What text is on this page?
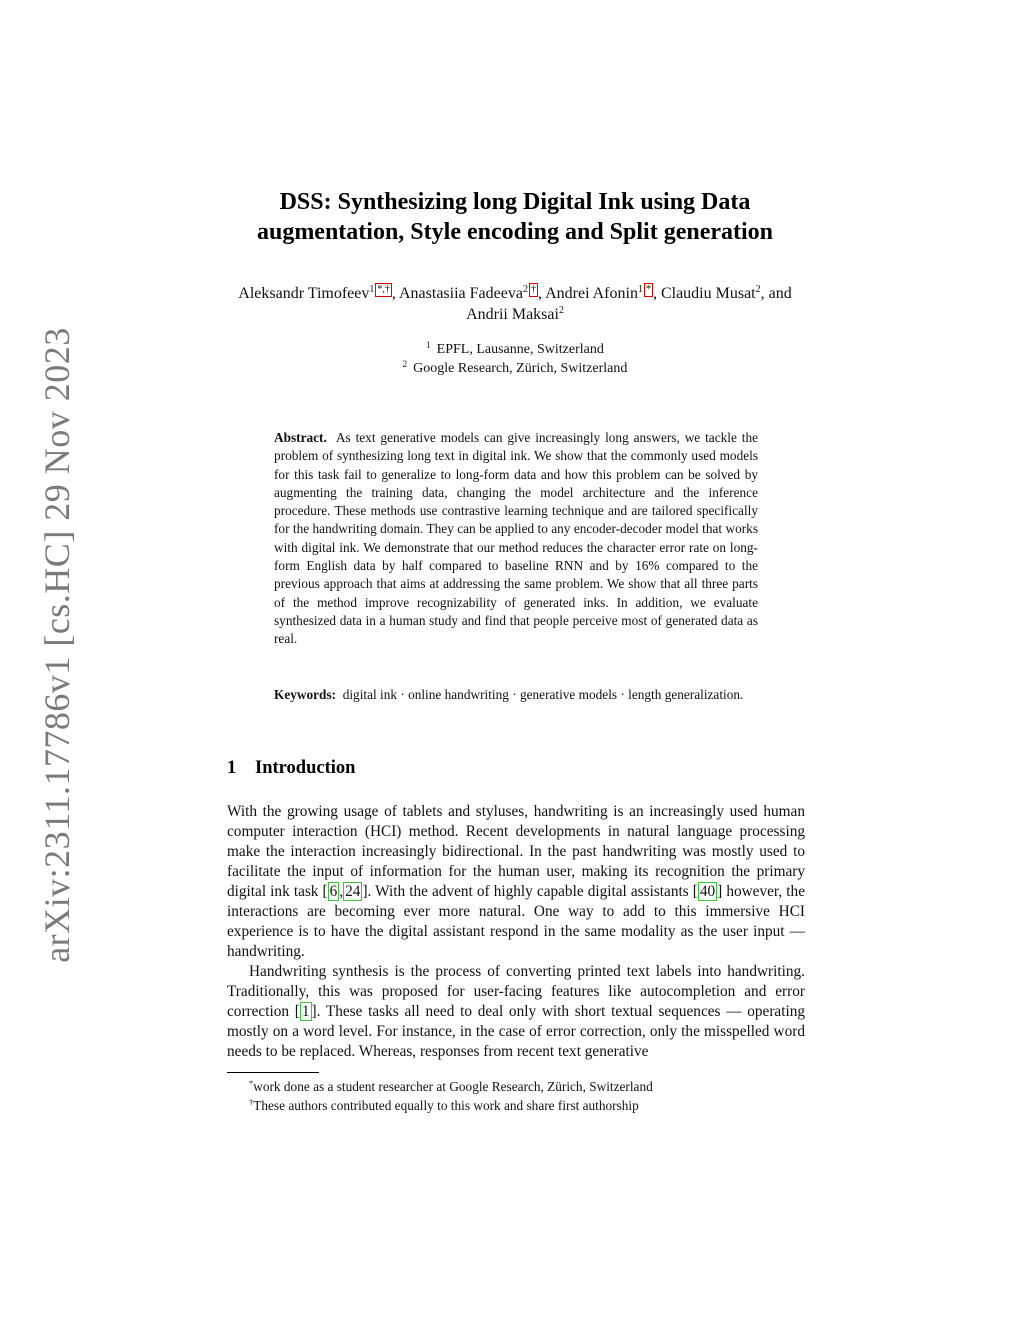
arXiv:2311.17786v1 [cs.HC] 29 Nov 2023
DSS: Synthesizing long Digital Ink using Data
augmentation, Style encoding and Split generation
Aleksandr Timofeev$^1$ *,† , Anastasiia Fadeeva$^2$ † , Andrei Afonin$^1$ * , Claudiu Musat$^2$, and
Andrii Maksai$^2$
$^1$ EPFL, Lausanne, Switzerland
$^2$ Google Research, Zürich, Switzerland
Abstract. As text generative models can give increasingly long answers, we tackle the problem of synthesizing long text in digital ink. We show that the commonly used models for this task fail to generalize to long-form data and how this problem can be solved by augmenting the training data, changing the model architecture and the inference procedure. These methods use contrastive learning technique and are tailored specifically for the handwriting domain. They can be applied to any encoder-decoder model that works with digital ink. We demonstrate that our method reduces the character error rate on long-form English data by half compared to baseline RNN and by 16% compared to the previous approach that aims at addressing the same problem. We show that all three parts of the method improve recognizability of generated inks. In addition, we evaluate synthesized data in a human study and find that people perceive most of generated data as real.
Keywords: digital ink · online handwriting · generative models · length generalization.
1 Introduction

With the growing usage of tablets and styluses, handwriting is an increasingly used human computer interaction (HCI) method. Recent developments in natural language processing make the interaction increasingly bidirectional. In the past handwriting was mostly used to facilitate the input of information for the human user, making its recognition the primary digital ink task [ 6 , 24 ]. With the advent of highly capable digital assistants [ 40 ] however, the interactions are becoming ever more natural. One way to add to this immersive HCI experience is to have the digital assistant respond in the same modality as the user input — handwriting.

Handwriting synthesis is the process of converting printed text labels into handwriting. Traditionally, this was proposed for user-facing features like autocompletion and error correction [ 1 ]. These tasks all need to deal only with short textual sequences — operating mostly on a word level. For instance, in the case of error correction, only the misspelled word needs to be replaced. Whereas, responses from recent text generative

*work done as a student researcher at Google Research, Zürich, Switzerland
†These authors contributed equally to this work and share first authorship
